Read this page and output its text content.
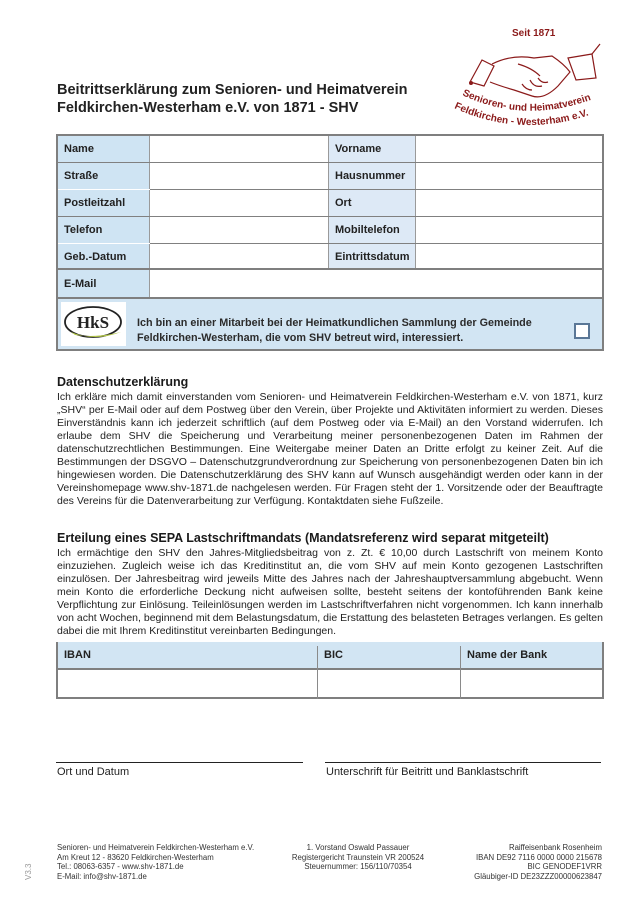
Beitrittserklärung zum Senioren- und Heimatverein
Feldkirchen-Westerham e.V. von 1871 - SHV
Seit 1871
Senioren- und Heimatverein
Feldkirchen - Westerham e.V.
Name	Vorname
Straße	Hausnummer
Postleitzahl	Ort
Telefon	Mobiltelefon
Geb.-Datum	Eintrittsdatum
E-Mail
HkS	Ich bin an einer Mitarbeit bei der Heimatkundlichen Sammlung der Gemeinde
Feldkirchen-Westerham, die vom SHV betreut wird, interessiert.
Datenschutzerklärung
Ich erkläre mich damit einverstanden vom Senioren- und Heimatverein Feldkirchen-Westerham e.V. von 1871, kurz „SHV“ per E-Mail oder auf dem Postweg über den Verein, über Projekte und Aktivitäten informiert zu werden. Dieses Einverständnis kann ich jederzeit schriftlich (auf dem Postweg oder via E-Mail) an den Vorstand widerrufen. Ich erlaube dem SHV die Speicherung und Verarbeitung meiner personenbezogenen Daten im Rahmen der datenschutzrechtlichen Bestimmungen. Eine Weitergabe meiner Daten an Dritte erfolgt zu keiner Zeit. Auf die Bestimmungen der DSGVO – Datenschutzgrundverordnung zur Speicherung von personenbezogenen Daten bin ich hingewiesen worden. Die Datenschutzerklärung des SHV kann auf Wunsch ausgehändigt werden oder kann in der Vereinshomepage www.shv-1871.de nachgelesen werden. Für Fragen steht der 1. Vorsitzende oder der Beauftragte des Vereins für die Datenverarbeitung zur Verfügung. Kontaktdaten siehe Fußzeile.
Erteilung eines SEPA Lastschriftmandats (Mandatsreferenz wird separat mitgeteilt)
Ich ermächtige den SHV den Jahres-Mitgliedsbeitrag von z. Zt. € 10,00 durch Lastschrift von meinem Konto einzuziehen. Zugleich weise ich das Kreditinstitut an, die vom SHV auf mein Konto gezogenen Lastschriften einzulösen. Der Jahresbeitrag wird jeweils Mitte des Jahres nach der Jahreshauptversammlung abgebucht. Wenn mein Konto die erforderliche Deckung nicht aufweisen sollte, besteht seitens der kontoführenden Bank keine Verpflichtung zur Einlösung. Teileinlösungen werden im Lastschriftverfahren nicht vorgenommen. Ich kann innerhalb von acht Wochen, beginnend mit dem Belastungsdatum, die Erstattung des belasteten Betrages verlangen. Es gelten dabei die mit Ihrem Kreditinstitut vereinbarten Bedingungen.
IBAN	BIC	Name der Bank
Ort und Datum	Unterschrift für Beitritt und Banklastschrift
Senioren- und Heimatverein Feldkirchen-Westerham e.V.
Am Kreut 12 - 83620 Feldkirchen-Westerham
Tel.: 08063-6357 - www.shv-1871.de
E-Mail: info@shv-1871.de
1. Vorstand Oswald Passauer
Registergericht Traunstein VR 200524
Steuernummer: 156/110/70354
Raiffeisenbank Rosenheim
IBAN DE92 7116 0000 0000 215678
BIC GENODEF1VRR
Gläubiger-ID DE23ZZZ00000623847
V3.3
